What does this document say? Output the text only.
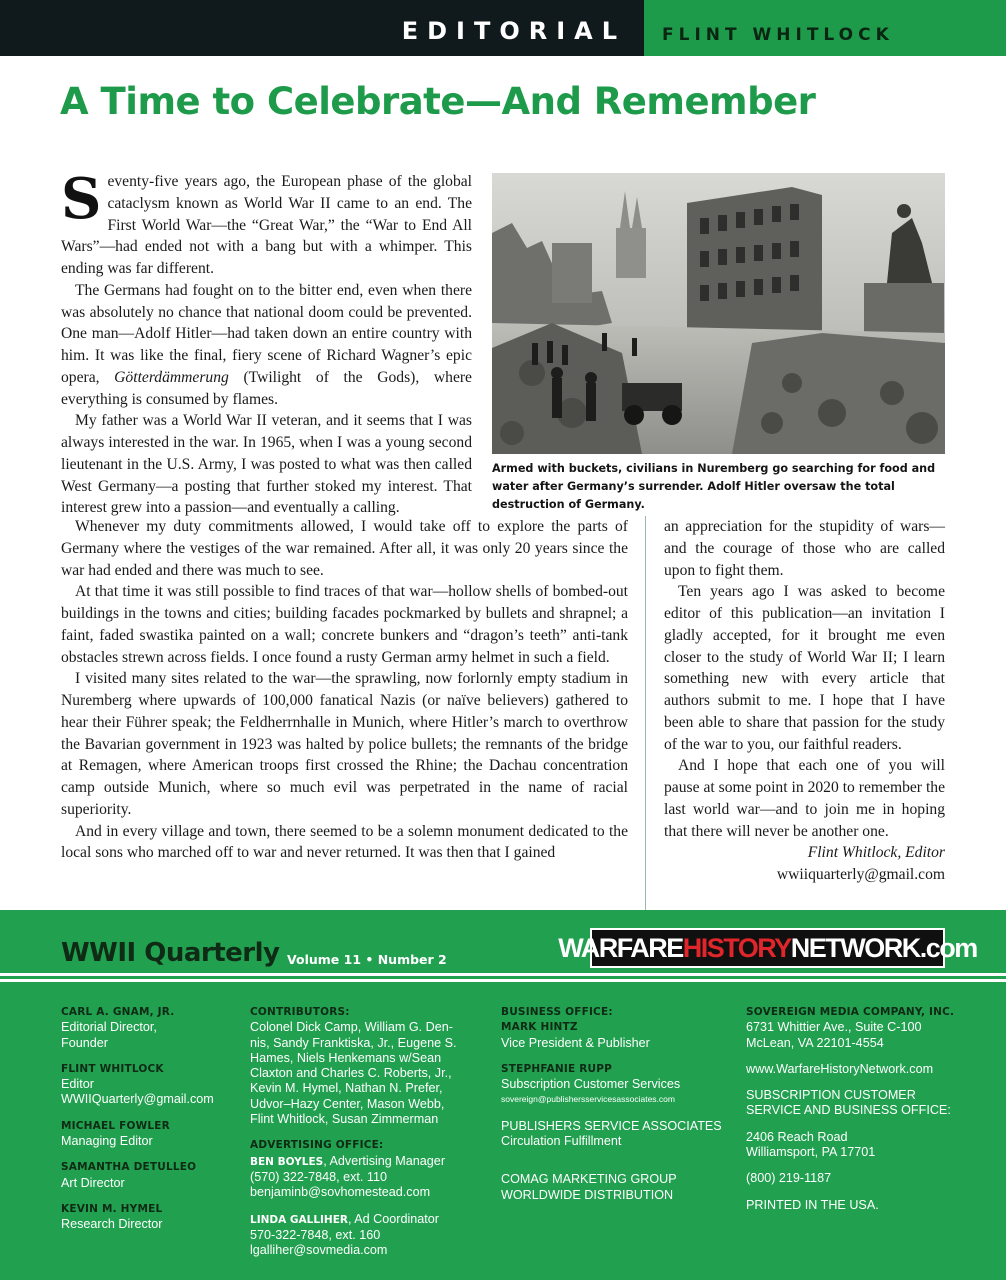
EDITORIAL FLINT WHITLOCK
A Time to Celebrate—And Remember

Seventy-five years ago, the European phase of the global cataclysm known as World War II came to an end. The First World War—the “Great War,” the “War to End All Wars”—had ended not with a bang but with a whimper. This ending was far different.

The Germans had fought on to the bitter end, even when there was absolutely no chance that national doom could be prevented. One man—Adolf Hitler—had taken down an entire country with him. It was like the final, fiery scene of Richard Wagner’s epic opera, Götterdämmerung (Twilight of the Gods), where everything is consumed by flames.

My father was a World War II veteran, and it seems that I was always interested in the war. In 1965, when I was a young second lieutenant in the U.S. Army, I was posted to what was then called West Germany—a posting that further stoked my interest. That interest grew into a passion—and eventually a calling.

Armed with buckets, civilians in Nuremberg go searching for food and water after Germany’s surrender. Adolf Hitler oversaw the total destruction of Germany.

Whenever my duty commitments allowed, I would take off to explore the parts of Germany where the vestiges of the war remained. After all, it was only 20 years since the war had ended and there was much to see.

At that time it was still possible to find traces of that war—hollow shells of bombed-out buildings in the towns and cities; building facades pockmarked by bullets and shrapnel; a faint, faded swastika painted on a wall; concrete bunkers and “dragon’s teeth” anti-tank obstacles strewn across fields. I once found a rusty German army helmet in such a field.

I visited many sites related to the war—the sprawling, now forlornly empty stadium in Nuremberg where upwards of 100,000 fanatical Nazis (or naïve believers) gathered to hear their Führer speak; the Feldherrnhalle in Munich, where Hitler’s march to overthrow the Bavarian government in 1923 was halted by police bullets; the remnants of the bridge at Remagen, where American troops first crossed the Rhine; the Dachau concentration camp outside Munich, where so much evil was perpetrated in the name of racial superiority.

And in every village and town, there seemed to be a solemn monument dedicated to the local sons who marched off to war and never returned. It was then that I gained

an appreciation for the stupidity of wars—and the courage of those who are called upon to fight them.

Ten years ago I was asked to become editor of this publication—an invitation I gladly accepted, for it brought me even closer to the study of World War II; I learn something new with every article that authors submit to me. I hope that I have been able to share that passion for the study of the war to you, our faithful readers.

And I hope that each one of you will pause at some point in 2020 to remember the last world war—and to join me in hoping that there will never be another one.

Flint Whitlock, Editor

wwiiquarterly@gmail.com

WWII Quarterly Volume 11 • Number 2	WARFARE HISTORY NETWORK.com
CARL A. GNAM, JR.
Editorial Director,
Founder
FLINT WHITLOCK
Editor
WWIIQuarterly@gmail.com
MICHAEL FOWLER
Managing Editor
SAMANTHA DETULLEO
Art Director
KEVIN M. HYMEL
Research Director
CONTRIBUTORS:
Colonel Dick Camp, William G. Den-
nis, Sandy Franktiska, Jr., Eugene S.
Hames, Niels Henkemans w/Sean
Claxton and Charles C. Roberts, Jr.,
Kevin M. Hymel, Nathan N. Prefer,
Udvor–Hazy Center, Mason Webb,
Flint Whitlock, Susan Zimmerman
ADVERTISING OFFICE:
BEN BOYLES, Advertising Manager
(570) 322-7848, ext. 110
benjaminb@sovhomestead.com
LINDA GALLIHER, Ad Coordinator
570-322-7848, ext. 160
lgalliher@sovmedia.com
BUSINESS OFFICE:
MARK HINTZ
Vice President & Publisher
STEPHFANIE RUPP
Subscription Customer Services
sovereign@publishersservicesassociates.com
PUBLISHERS SERVICE ASSOCIATES
Circulation Fulfillment
COMAG MARKETING GROUP
WORLDWIDE DISTRIBUTION
SOVEREIGN MEDIA COMPANY, INC.
6731 Whittier Ave., Suite C-100
McLean, VA 22101-4554
www.WarfareHistoryNetwork.com
SUBSCRIPTION CUSTOMER
SERVICE AND BUSINESS OFFICE:
2406 Reach Road
Williamsport, PA 17701
(800) 219-1187
PRINTED IN THE USA.
